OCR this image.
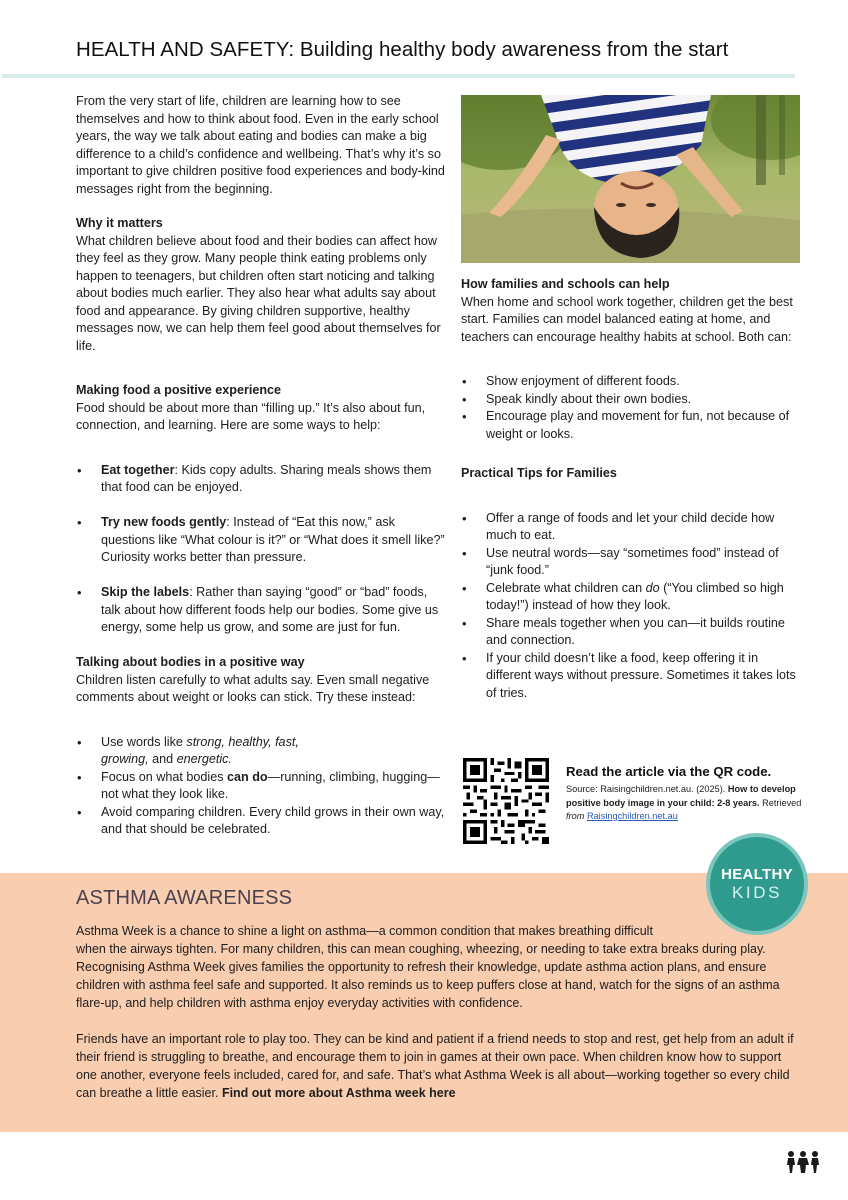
HEALTH AND SAFETY: Building healthy body awareness from the start

From the very start of life, children are learning how to see themselves and how to think about food. Even in the early school years, the way we talk about eating and bodies can make a big difference to a child’s confidence and wellbeing. That’s why it’s so important to give children positive food experiences and body-kind messages right from the beginning.

Why it matters

What children believe about food and their bodies can affect how they feel as they grow. Many people think eating problems only happen to teenagers, but children often start noticing and talking about bodies much earlier. They also hear what adults say about food and appearance. By giving children supportive, healthy messages now, we can help them feel good about themselves for life.

Making food a positive experience

Food should be about more than “filling up.” It’s also about fun, connection, and learning. Here are some ways to help:

• Eat together: Kids copy adults. Sharing meals shows them that food can be enjoyed.
• Try new foods gently: Instead of “Eat this now,” ask questions like “What colour is it?” or “What does it smell like?” Curiosity works better than pressure.
• Skip the labels: Rather than saying “good” or “bad” foods, talk about how different foods help our bodies. Some give us energy, some help us grow, and some are just for fun.

Talking about bodies in a positive way

Children listen carefully to what adults say. Even small negative comments about weight or looks can stick. Try these instead:

• Use words like strong, healthy, fast,
growing, and energetic.
• Focus on what bodies can do—running, climbing, hugging—not what they look like.
• Avoid comparing children. Every child grows in their own way, and that should be celebrated.

How families and schools can help

When home and school work together, children get the best start. Families can model balanced eating at home, and teachers can encourage healthy habits at school. Both can:

• Show enjoyment of different foods.
• Speak kindly about their own bodies.
• Encourage play and movement for fun, not because of weight or looks.

Practical Tips for Families

• Offer a range of foods and let your child decide how much to eat.
• Use neutral words—say “sometimes food” instead of “junk food.”
• Celebrate what children can do (“You climbed so high today!”) instead of how they look.
• Share meals together when you can—it builds routine and connection.
• If your child doesn’t like a food, keep offering it in different ways without pressure. Sometimes it takes lots of tries.
Read the article via the QR code.
Source: Raisingchildren.net.au. (2025). How to develop positive body image in your child: 2-8 years. Retrieved from Raisingchildren.net.au
ASTHMA AWARENESS

Asthma Week is a chance to shine a light on asthma—a common condition that makes breathing difficult
when the airways tighten. For many children, this can mean coughing, wheezing, or needing to take extra breaks during play. Recognising Asthma Week gives families the opportunity to refresh their knowledge, update asthma action plans, and ensure children with asthma feel safe and supported. It also reminds us to keep puffers close at hand, watch for the signs of an asthma flare-up, and help children with asthma enjoy everyday activities with confidence.

Friends have an important role to play too. They can be kind and patient if a friend needs to stop and rest, get help from an adult if their friend is struggling to breathe, and encourage them to join in games at their own pace. When children know how to support one another, everyone feels included, cared for, and safe. That’s what Asthma Week is all about—working together so every child can breathe a little easier. Find out more about Asthma week here

HEALTHY
KIDS
